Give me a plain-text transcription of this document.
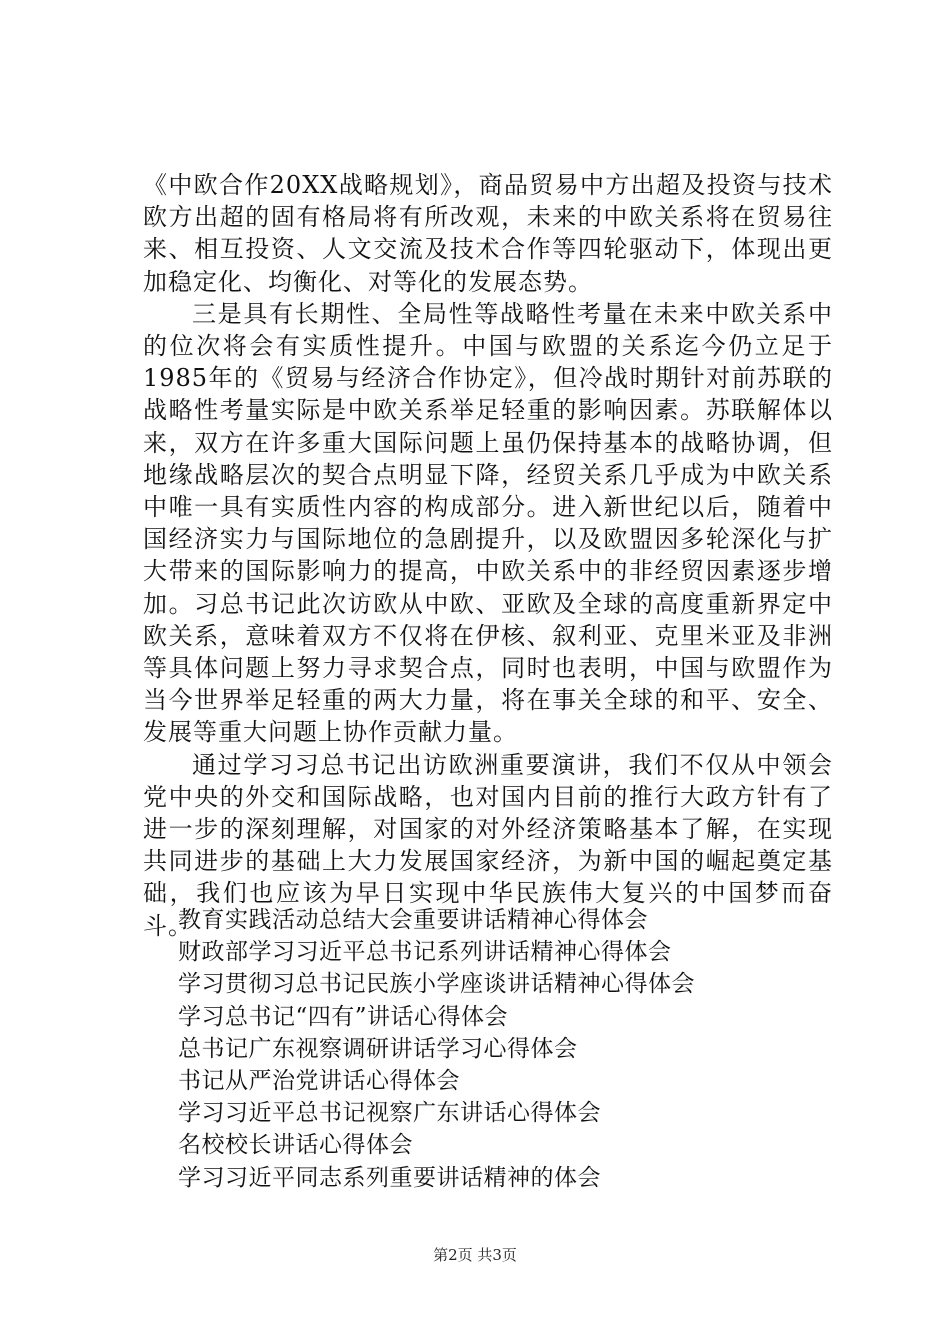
《中欧合作20XX战略规划》，商品贸易中方出超及投资与技术欧方出超的固有格局将有所改观，未来的中欧关系将在贸易往来、相互投资、人文交流及技术合作等四轮驱动下，体现出更加稳定化、均衡化、对等化的发展态势。

三是具有长期性、全局性等战略性考量在未来中欧关系中的位次将会有实质性提升。中国与欧盟的关系迄今仍立足于1985年的《贸易与经济合作协定》，但冷战时期针对前苏联的战略性考量实际是中欧关系举足轻重的影响因素。苏联解体以来，双方在许多重大国际问题上虽仍保持基本的战略协调，但地缘战略层次的契合点明显下降，经贸关系几乎成为中欧关系中唯一具有实质性内容的构成部分。进入新世纪以后，随着中国经济实力与国际地位的急剧提升，以及欧盟因多轮深化与扩大带来的国际影响力的提高，中欧关系中的非经贸因素逐步增加。习总书记此次访欧从中欧、亚欧及全球的高度重新界定中欧关系，意味着双方不仅将在伊核、叙利亚、克里米亚及非洲等具体问题上努力寻求契合点，同时也表明，中国与欧盟作为当今世界举足轻重的两大力量，将在事关全球的和平、安全、发展等重大问题上协作贡献力量。

通过学习习总书记出访欧洲重要演讲，我们不仅从中领会党中央的外交和国际战略，也对国内目前的推行大政方针有了进一步的深刻理解，对国家的对外经济策略基本了解，在实现共同进步的基础上大力发展国家经济，为新中国的崛起奠定基础，我们也应该为早日实现中华民族伟大复兴的中国梦而奋斗。

教育实践活动总结大会重要讲话精神心得体会
财政部学习习近平总书记系列讲话精神心得体会
学习贯彻习总书记民族小学座谈讲话精神心得体会
学习总书记“四有”讲话心得体会
总书记广东视察调研讲话学习心得体会
书记从严治党讲话心得体会
学习习近平总书记视察广东讲话心得体会
名校校长讲话心得体会
学习习近平同志系列重要讲话精神的体会
第2页 共3页
